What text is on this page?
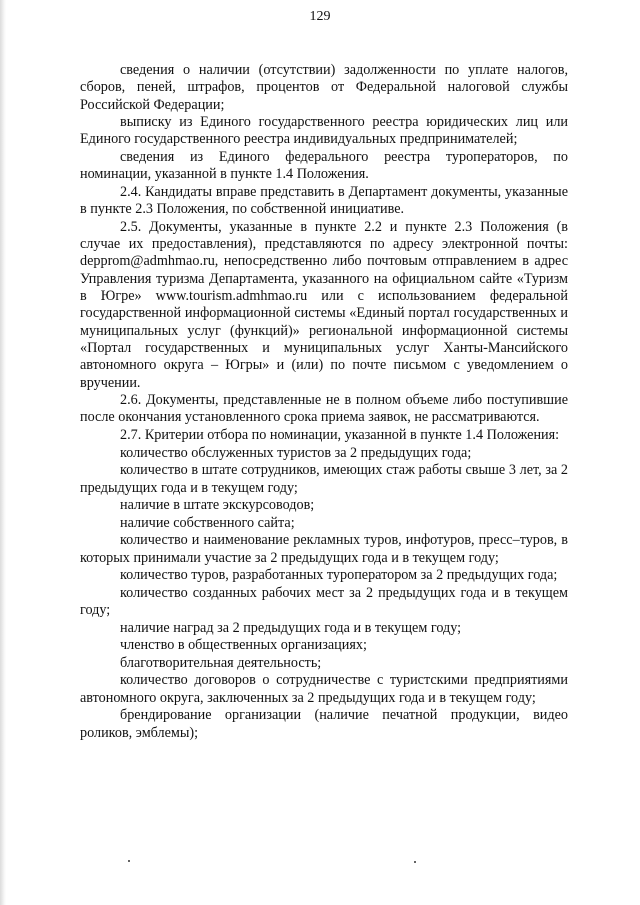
129

сведения о наличии (отсутствии) задолженности по уплате налогов, сборов, пеней, штрафов, процентов от Федеральной налоговой службы Российской Федерации;

выписку из Единого государственного реестра юридических лиц или Единого государственного реестра индивидуальных предпринимателей;

сведения из Единого федерального реестра туроператоров, по номинации, указанной в пункте 1.4 Положения.

2.4. Кандидаты вправе представить в Департамент документы, указанные в пункте 2.3 Положения, по собственной инициативе.

2.5. Документы, указанные в пункте 2.2 и пункте 2.3 Положения (в случае их предоставления), представляются по адресу электронной почты: depprom@admhmao.ru, непосредственно либо почтовым отправлением в адрес Управления туризма Департамента, указанного на официальном сайте «Туризм в Югре» www.tourism.admhmao.ru или с использованием федеральной государственной информационной системы «Единый портал государственных и муниципальных услуг (функций)» региональной информационной системы «Портал государственных и муниципальных услуг Ханты-Мансийского автономного округа – Югры» и (или) по почте письмом с уведомлением о вручении.

2.6. Документы, представленные не в полном объеме либо поступившие после окончания установленного срока приема заявок, не рассматриваются.

2.7. Критерии отбора по номинации, указанной в пункте 1.4 Положения:

количество обслуженных туристов за 2 предыдущих года;

количество в штате сотрудников, имеющих стаж работы свыше 3 лет, за 2 предыдущих года и в текущем году;

наличие в штате экскурсоводов;

наличие собственного сайта;

количество и наименование рекламных туров, инфотуров, пресс–туров, в которых принимали участие за 2 предыдущих года и в текущем году;

количество туров, разработанных туроператором за 2 предыдущих года;

количество созданных рабочих мест за 2 предыдущих года и в текущем году;

наличие наград за 2 предыдущих года и в текущем году;

членство в общественных организациях;

благотворительная деятельность;

количество договоров о сотрудничестве с туристскими предприятиями автономного округа, заключенных за 2 предыдущих года и в текущем году;

брендирование организации (наличие печатной продукции, видео роликов, эмблемы);
